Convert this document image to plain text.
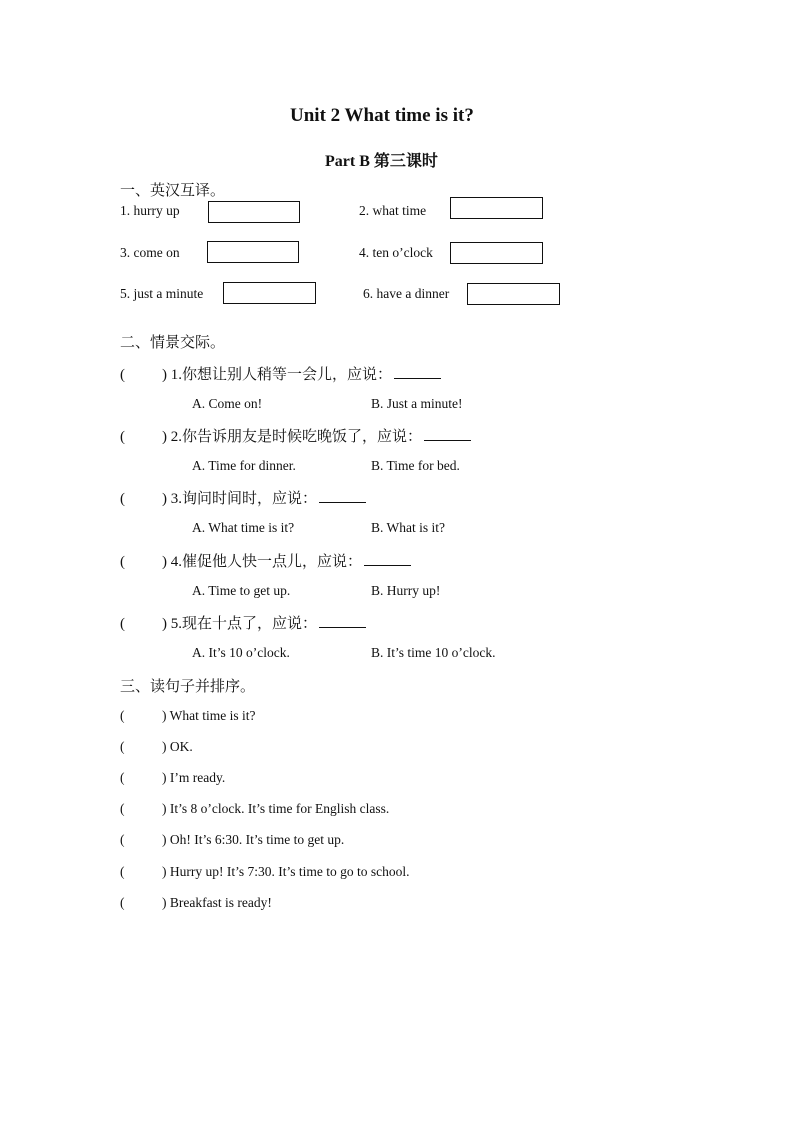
Unit 2 What time is it?
Part B 第三课时
一、英汉互译。
1. hurry up	2. what time
3. come on	4. ten o’clock
5. just a minute	6. have a dinner
二、情景交际。
( ) 1.你想让别人稍等一会儿，应说：
A. Come on!	B. Just a minute!
( ) 2.你告诉朋友是时候吃晚饭了，应说：
A. Time for dinner.	B. Time for bed.
( ) 3.询问时间时，应说：
A. What time is it?	B. What is it?
( ) 4.催促他人快一点儿，应说：
A. Time to get up.	B. Hurry up!
( ) 5.现在十点了，应说：
A. It’s 10 o’clock.	B. It’s time 10 o’clock.
三、读句子并排序。
(	) What time is it?
(	) OK.
(	) I’m ready.
(	) It’s 8 o’clock. It’s time for English class.
(	) Oh! It’s 6:30. It’s time to get up.
(	) Hurry up! It’s 7:30. It’s time to go to school.
(	) Breakfast is ready!
